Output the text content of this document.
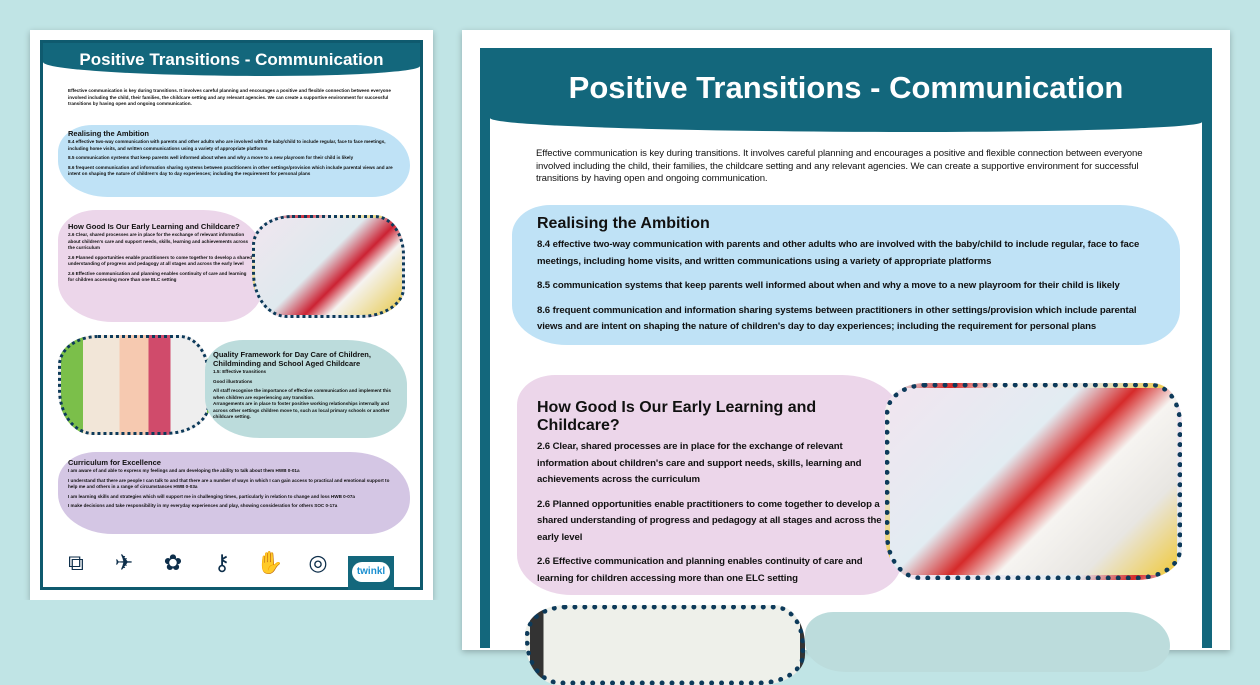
Positive Transitions - Communication

Effective communication is key during transitions. It involves careful planning and encourages a positive and flexible connection between everyone involved including the child, their families, the childcare setting and any relevant agencies. We can create a supportive environment for successful transitions by having open and ongoing communication.

Realising the Ambition

8.4 effective two-way communication with parents and other adults who are involved with the baby/child to include regular, face to face meetings, including home visits, and written communications using a variety of appropriate platforms

8.5 communication systems that keep parents well informed about when and why a move to a new playroom for their child is likely

8.6 frequent communication and information sharing systems between practitioners in other settings/provision which include parental views and are intent on shaping the nature of children's day to day experiences; including the requirement for personal plans

How Good Is Our Early Learning and Childcare?

2.6 Clear, shared processes are in place for the exchange of relevant information about children's care and support needs, skills, learning and achievements across the curriculum

2.6 Planned opportunities enable practitioners to come together to develop a shared understanding of progress and pedagogy at all stages and across the early level

2.6 Effective communication and planning enables continuity of care and learning for children accessing more than one ELC setting

Quality Framework for Day Care of Children, Childminding and School Aged Childcare

1.5: Effective transitions

Good illustrations

All staff recognise the importance of effective communication and implement this when children are experiencing any transition.

Arrangements are in place to foster positive working relationships internally and across other settings children move to, such as local primary schools or another childcare setting.

Curriculum for Excellence

I am aware of and able to express my feelings and am developing the ability to talk about them HWB 0-01a

I understand that there are people I can talk to and that there are a number of ways in which I can gain access to practical and emotional support to help me and others in a range of circumstances HWB 0-03a

I am learning skills and strategies which will support me in challenging times, particularly in relation to change and loss HWB 0-07a

I make decisions and take responsibility in my everyday experiences and play, showing consideration for others SOC 0-17a

⧉ ✈ ✿ ⚷ ✋ ◎	twinkl
Positive Transitions - Communication

Effective communication is key during transitions. It involves careful planning and encourages a positive and flexible connection between everyone involved including the child, their families, the childcare setting and any relevant agencies. We can create a supportive environment for successful transitions by having open and ongoing communication.

Realising the Ambition

8.4 effective two-way communication with parents and other adults who are involved with the baby/child to include regular, face to face meetings, including home visits, and written communications using a variety of appropriate platforms

8.5 communication systems that keep parents well informed about when and why a move to a new playroom for their child is likely

8.6 frequent communication and information sharing systems between practitioners in other settings/provision which include parental views and are intent on shaping the nature of children's day to day experiences; including the requirement for personal plans

How Good Is Our Early Learning and Childcare?

2.6 Clear, shared processes are in place for the exchange of relevant information about children's care and support needs, skills, learning and achievements across the curriculum

2.6 Planned opportunities enable practitioners to come together to develop a shared understanding of progress and pedagogy at all stages and across the early level

2.6 Effective communication and planning enables continuity of care and learning for children accessing more than one ELC setting
